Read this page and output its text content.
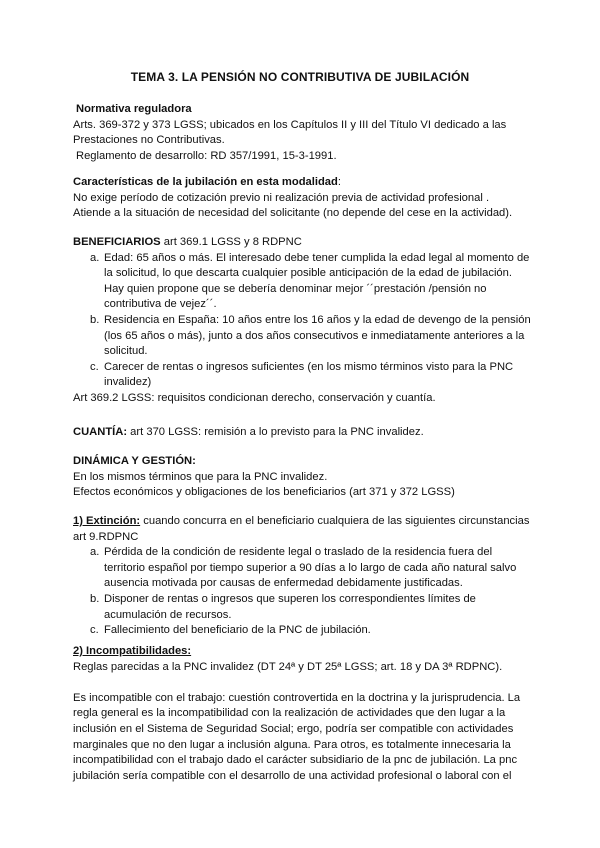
TEMA 3. LA PENSIÓN NO CONTRIBUTIVA DE JUBILACIÓN

Normativa reguladora

Arts. 369-372 y 373 LGSS; ubicados en los Capítulos II y III del Título VI dedicado a las Prestaciones no Contributivas.

Reglamento de desarrollo: RD 357/1991, 15-3-1991.

Características de la jubilación en esta modalidad:

No exige período de cotización previo ni realización previa de actividad profesional .

Atiende a la situación de necesidad del solicitante (no depende del cese en la actividad).

BENEFICIARIOS art 369.1 LGSS y 8 RDPNC

a. Edad: 65 años o más. El interesado debe tener cumplida la edad legal al momento de la solicitud, lo que descarta cualquier posible anticipación de la edad de jubilación. Hay quien propone que se debería denominar mejor ´´prestación /pensión no contributiva de vejez´´.
b. Residencia en España: 10 años entre los 16 años y la edad de devengo de la pensión (los 65 años o más), junto a dos años consecutivos e inmediatamente anteriores a la solicitud.
c. Carecer de rentas o ingresos suficientes (en los mismo términos visto para la PNC invalidez)

Art 369.2 LGSS: requisitos condicionan derecho, conservación y cuantía.

CUANTÍA: art 370 LGSS: remisión a lo previsto para la PNC invalidez.

DINÁMICA Y GESTIÓN:

En los mismos términos que para la PNC invalidez.

Efectos económicos y obligaciones de los beneficiarios (art 371 y 372 LGSS)

1) Extinción: cuando concurra en el beneficiario cualquiera de las siguientes circunstancias art 9.RDPNC

a. Pérdida de la condición de residente legal o traslado de la residencia fuera del territorio español por tiempo superior a 90 días a lo largo de cada año natural salvo ausencia motivada por causas de enfermedad debidamente justificadas.
b. Disponer de rentas o ingresos que superen los correspondientes límites de acumulación de recursos.
c. Fallecimiento del beneficiario de la PNC de jubilación.

2) Incompatibilidades:

Reglas parecidas a la PNC invalidez (DT 24ª y DT 25ª LGSS; art. 18 y DA 3ª RDPNC).

Es incompatible con el trabajo: cuestión controvertida en la doctrina y la jurisprudencia. La regla general es la incompatibilidad con la realización de actividades que den lugar a la inclusión en el Sistema de Seguridad Social; ergo, podría ser compatible con actividades marginales que no den lugar a inclusión alguna. Para otros, es totalmente innecesaria la incompatibilidad con el trabajo dado el carácter subsidiario de la pnc de jubilación. La pnc jubilación sería compatible con el desarrollo de una actividad profesional o laboral con el
